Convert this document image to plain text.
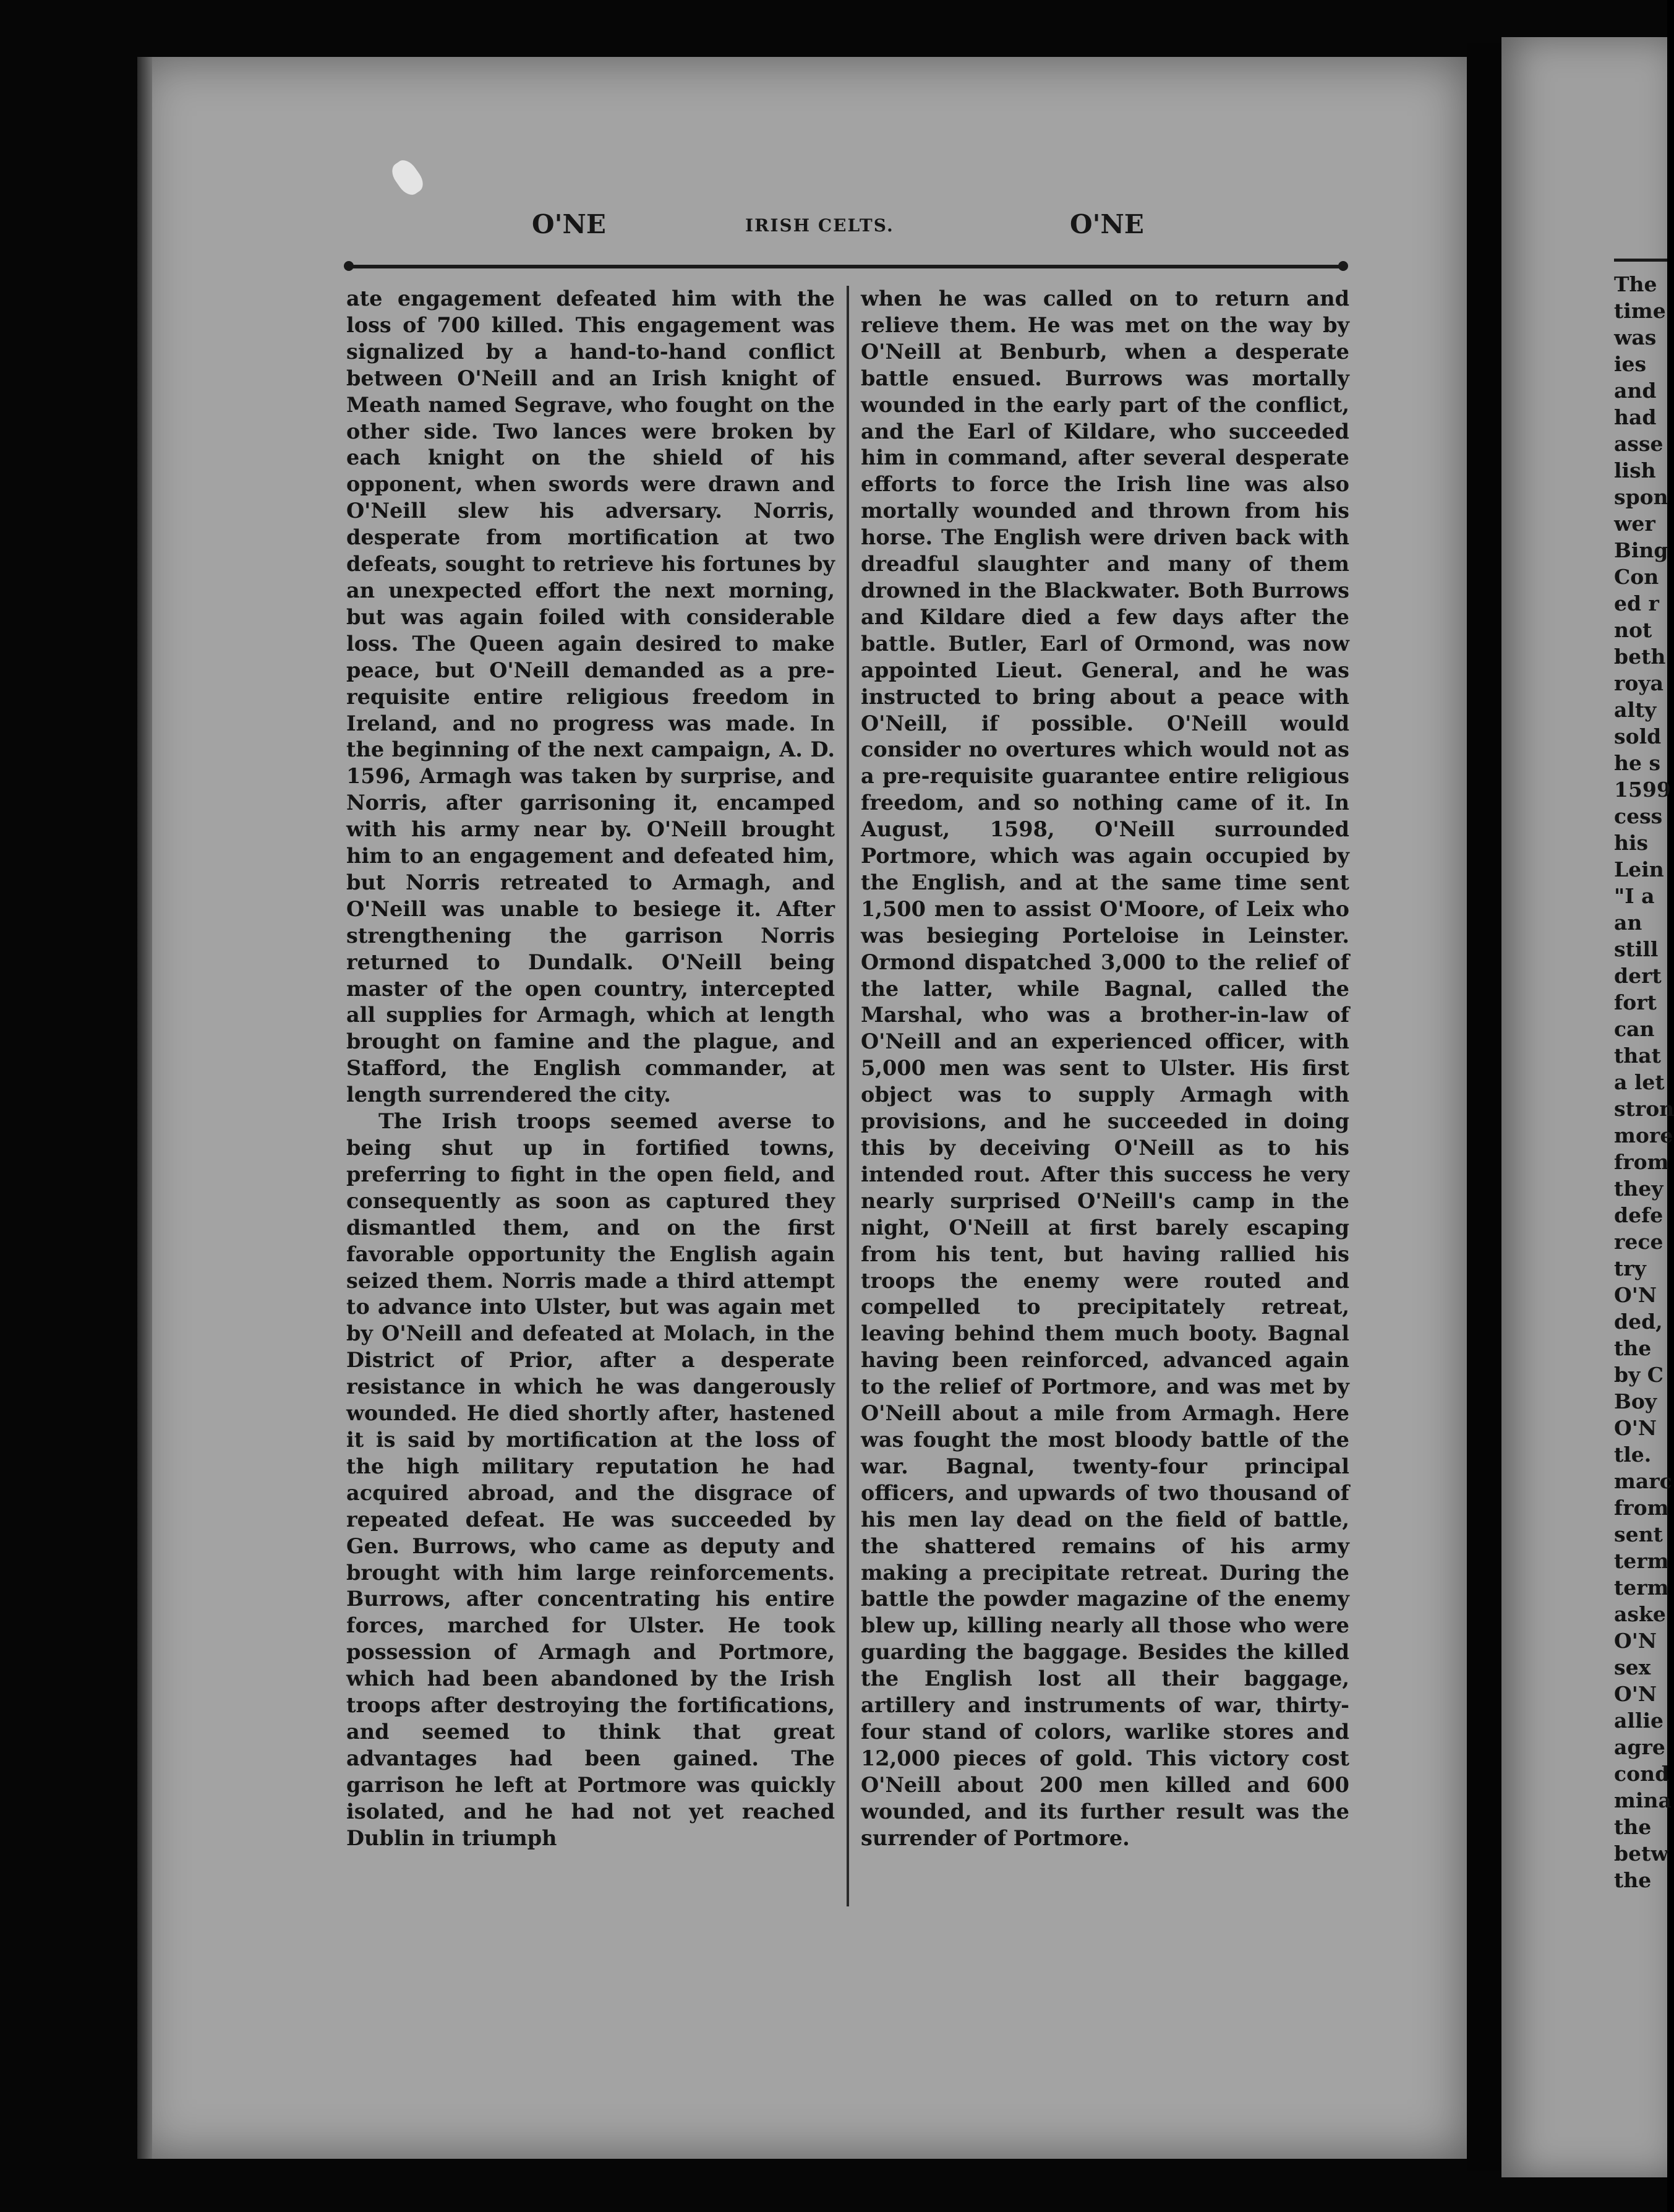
O'NE	IRISH CELTS.	O'NE

ate engagement defeated him with the loss of 700 killed. This engagement was signalized by a hand-to-hand conflict between O'Neill and an Irish knight of Meath named Segrave, who fought on the other side. Two lances were broken by each knight on the shield of his opponent, when swords were drawn and O'Neill slew his adversary. Norris, desperate from mortification at two defeats, sought to retrieve his fortunes by an unexpected effort the next morning, but was again foiled with considerable loss. The Queen again desired to make peace, but O'Neill demanded as a pre-requisite entire religious freedom in Ireland, and no progress was made. In the beginning of the next campaign, A. D. 1596, Armagh was taken by surprise, and Norris, after garrisoning it, encamped with his army near by. O'Neill brought him to an engagement and defeated him, but Norris retreated to Armagh, and O'Neill was unable to besiege it. After strengthening the garrison Norris returned to Dundalk. O'Neill being master of the open country, intercepted all supplies for Armagh, which at length brought on famine and the plague, and Stafford, the English commander, at length surrendered the city.

The Irish troops seemed averse to being shut up in fortified towns, preferring to fight in the open field, and consequently as soon as captured they dismantled them, and on the first favorable opportunity the English again seized them. Norris made a third attempt to advance into Ulster, but was again met by O'Neill and defeated at Molach, in the District of Prior, after a desperate resistance in which he was dangerously wounded. He died shortly after, hastened it is said by mortification at the loss of the high military reputation he had acquired abroad, and the disgrace of repeated defeat. He was succeeded by Gen. Burrows, who came as deputy and brought with him large reinforcements. Burrows, after concentrating his entire forces, marched for Ulster. He took possession of Armagh and Portmore, which had been abandoned by the Irish troops after destroying the fortifications, and seemed to think that great advantages had been gained. The garrison he left at Portmore was quickly isolated, and he had not yet reached Dublin in triumph

when he was called on to return and relieve them. He was met on the way by O'Neill at Benburb, when a desperate battle ensued. Burrows was mortally wounded in the early part of the conflict, and the Earl of Kildare, who succeeded him in command, after several desperate efforts to force the Irish line was also mortally wounded and thrown from his horse. The English were driven back with dreadful slaughter and many of them drowned in the Blackwater. Both Burrows and Kildare died a few days after the battle. Butler, Earl of Ormond, was now appointed Lieut. General, and he was instructed to bring about a peace with O'Neill, if possible. O'Neill would consider no overtures which would not as a pre-requisite guarantee entire religious freedom, and so nothing came of it. In August, 1598, O'Neill surrounded Portmore, which was again occupied by the English, and at the same time sent 1,500 men to assist O'Moore, of Leix who was besieging Porteloise in Leinster. Ormond dispatched 3,000 to the relief of the latter, while Bagnal, called the Marshal, who was a brother-in-law of O'Neill and an experienced officer, with 5,000 men was sent to Ulster. His first object was to supply Armagh with provisions, and he succeeded in doing this by deceiving O'Neill as to his intended rout. After this success he very nearly surprised O'Neill's camp in the night, O'Neill at first barely escaping from his tent, but having rallied his troops the enemy were routed and compelled to precipitately retreat, leaving behind them much booty. Bagnal having been reinforced, advanced again to the relief of Portmore, and was met by O'Neill about a mile from Armagh. Here was fought the most bloody battle of the war. Bagnal, twenty-four principal officers, and upwards of two thousand of his men lay dead on the field of battle, the shattered remains of his army making a precipitate retreat. During the battle the powder magazine of the enemy blew up, killing nearly all those who were guarding the baggage. Besides the killed the English lost all their baggage, artillery and instruments of war, thirty-four stand of colors, warlike stores and 12,000 pieces of gold. This victory cost O'Neill about 200 men killed and 600 wounded, and its further result was the surrender of Portmore.

The
time
was
ies
and
had
asse
lish
spon
wer
Bing
Con
ed r
not
beth
roya
alty
sold
he s
1599
cess
his
Lein
"I a
an
still
dert
fort
can
that
a let
stron
more
from
they
defe
rece
try
O'N
ded,
the
by C
Boy
O'N
tle.
marc
from
sent
term
term
aske
O'N
sex
O'N
allie
agre
cond
mina
the
betw
the
